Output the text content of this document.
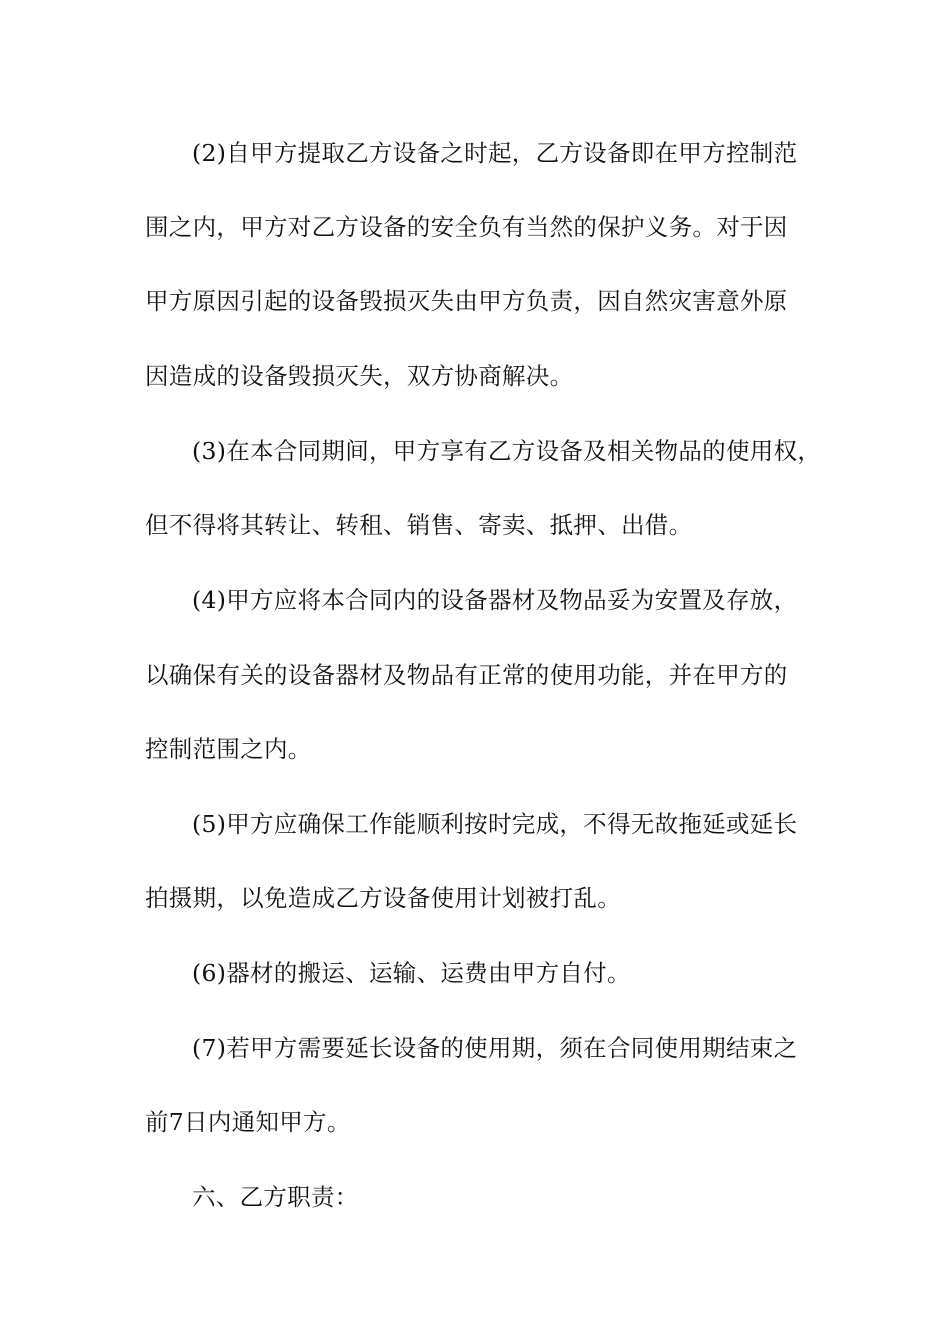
(2)自甲方提取乙方设备之时起，乙方设备即在甲方控制范
围之内，甲方对乙方设备的安全负有当然的保护义务。对于因
甲方原因引起的设备毁损灭失由甲方负责，因自然灾害意外原
因造成的设备毁损灭失，双方协商解决。
(3)在本合同期间，甲方享有乙方设备及相关物品的使用权，
但不得将其转让、转租、销售、寄卖、抵押、出借。
(4)甲方应将本合同内的设备器材及物品妥为安置及存放，
以确保有关的设备器材及物品有正常的使用功能，并在甲方的
控制范围之内。
(5)甲方应确保工作能顺利按时完成，不得无故拖延或延长
拍摄期，以免造成乙方设备使用计划被打乱。
(6)器材的搬运、运输、运费由甲方自付。
(7)若甲方需要延长设备的使用期，须在合同使用期结束之
前7日内通知甲方。
六、乙方职责：
